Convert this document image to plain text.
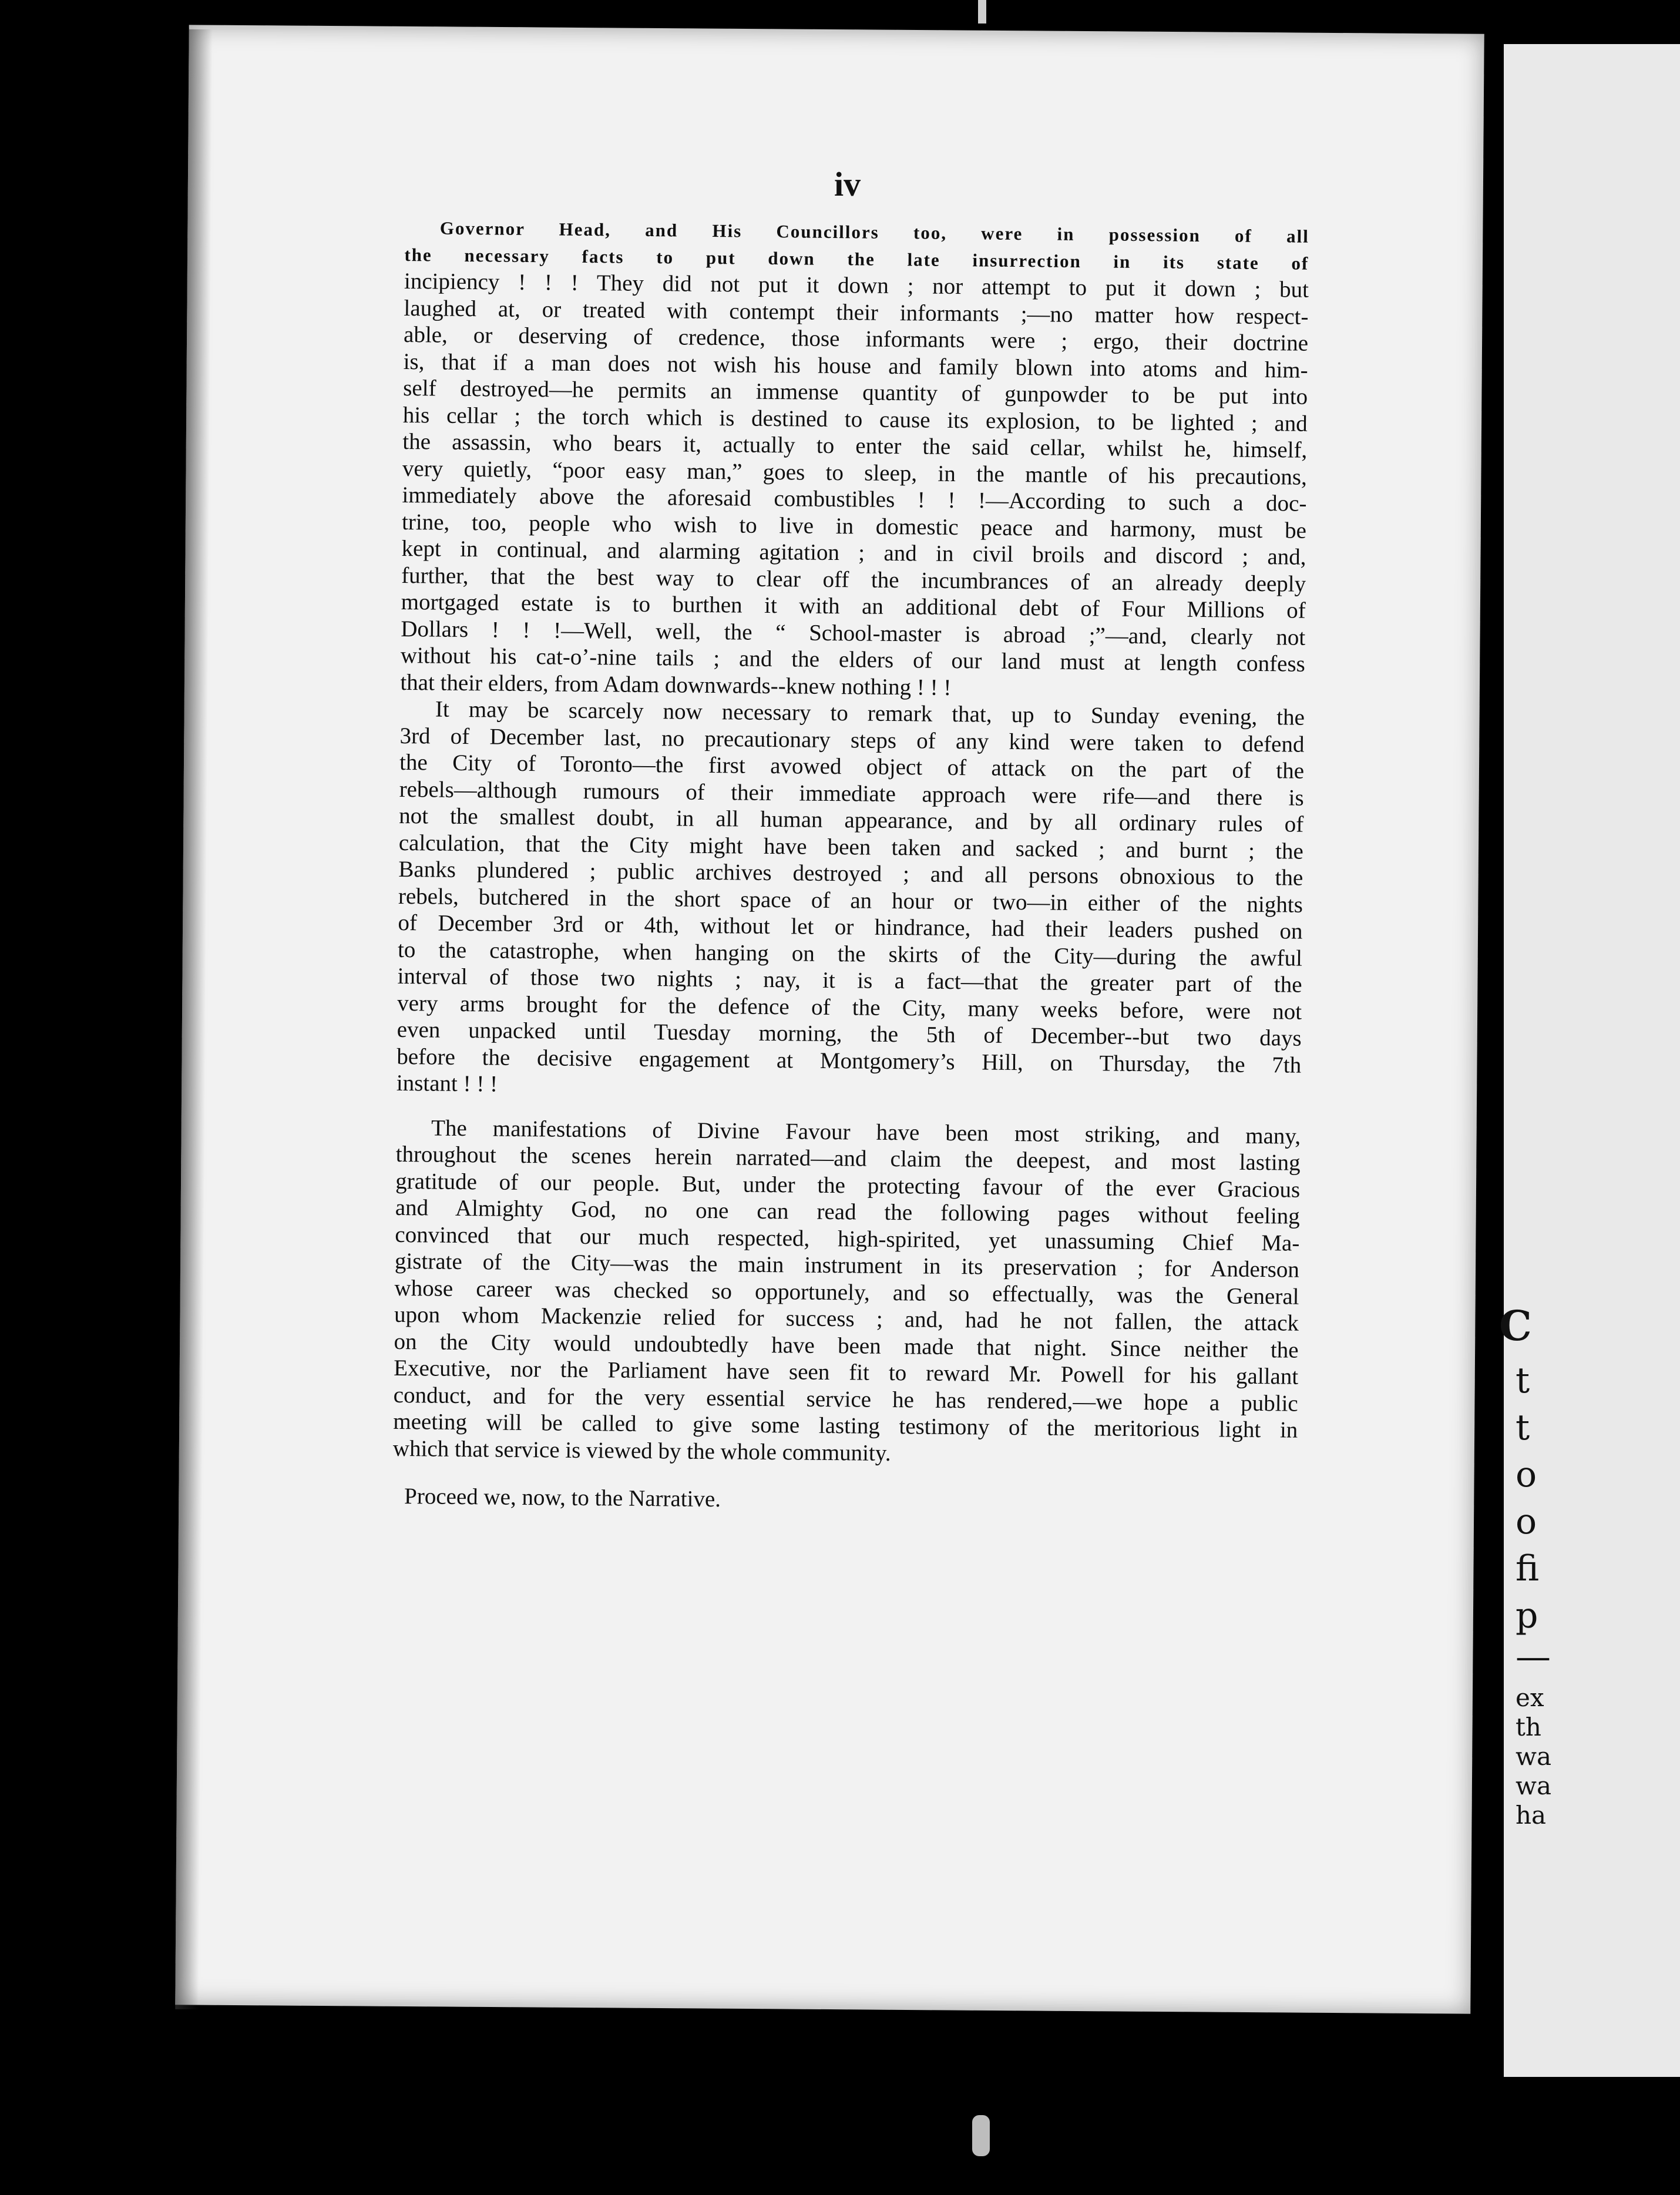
C
t
t
o
o
fi
p
—
ex
th
wa
wa
ha
iv
Governor Head, and His Councillors too, were in possession of all
the necessary facts to put down the late insurrection in its state of
incipiency ! ! ! They did not put it down ; nor attempt to put it down ; but
laughed at, or treated with contempt their informants ;—no matter how respect-
able, or deserving of credence, those informants were ; ergo, their doctrine
is, that if a man does not wish his house and family blown into atoms and him-
self destroyed—he permits an immense quantity of gunpowder to be put into
his cellar ; the torch which is destined to cause its explosion, to be lighted ; and
the assassin, who bears it, actually to enter the said cellar, whilst he, himself,
very quietly, “poor easy man,” goes to sleep, in the mantle of his precautions,
immediately above the aforesaid combustibles ! ! !—According to such a doc-
trine, too, people who wish to live in domestic peace and harmony, must be
kept in continual, and alarming agitation ; and in civil broils and discord ; and,
further, that the best way to clear off the incumbrances of an already deeply
mortgaged estate is to burthen it with an additional debt of Four Millions of
Dollars ! ! !—Well, well, the “ School-master is abroad ;”—and, clearly not
without his cat-o’-nine tails ; and the elders of our land must at length confess
that their elders, from Adam downwards--knew nothing ! ! !
It may be scarcely now necessary to remark that, up to Sunday evening, the
3rd of December last, no precautionary steps of any kind were taken to defend
the City of Toronto—the first avowed object of attack on the part of the
rebels—although rumours of their immediate approach were rife—and there is
not the smallest doubt, in all human appearance, and by all ordinary rules of
calculation, that the City might have been taken and sacked ; and burnt ; the
Banks plundered ; public archives destroyed ; and all persons obnoxious to the
rebels, butchered in the short space of an hour or two—in either of the nights
of December 3rd or 4th, without let or hindrance, had their leaders pushed on
to the catastrophe, when hanging on the skirts of the City—during the awful
interval of those two nights ; nay, it is a fact—that the greater part of the
very arms brought for the defence of the City, many weeks before, were not
even unpacked until Tuesday morning, the 5th of December--but two days
before the decisive engagement at Montgomery’s Hill, on Thursday, the 7th
instant ! ! !
The manifestations of Divine Favour have been most striking, and many,
throughout the scenes herein narrated—and claim the deepest, and most lasting
gratitude of our people. But, under the protecting favour of the ever Gracious
and Almighty God, no one can read the following pages without feeling
convinced that our much respected, high-spirited, yet unassuming Chief Ma-
gistrate of the City—was the main instrument in its preservation ; for Anderson
whose career was checked so opportunely, and so effectually, was the General
upon whom Mackenzie relied for success ; and, had he not fallen, the attack
on the City would undoubtedly have been made that night. Since neither the
Executive, nor the Parliament have seen fit to reward Mr. Powell for his gallant
conduct, and for the very essential service he has rendered,—we hope a public
meeting will be called to give some lasting testimony of the meritorious light in
which that service is viewed by the whole community.
Proceed we, now, to the Narrative.
